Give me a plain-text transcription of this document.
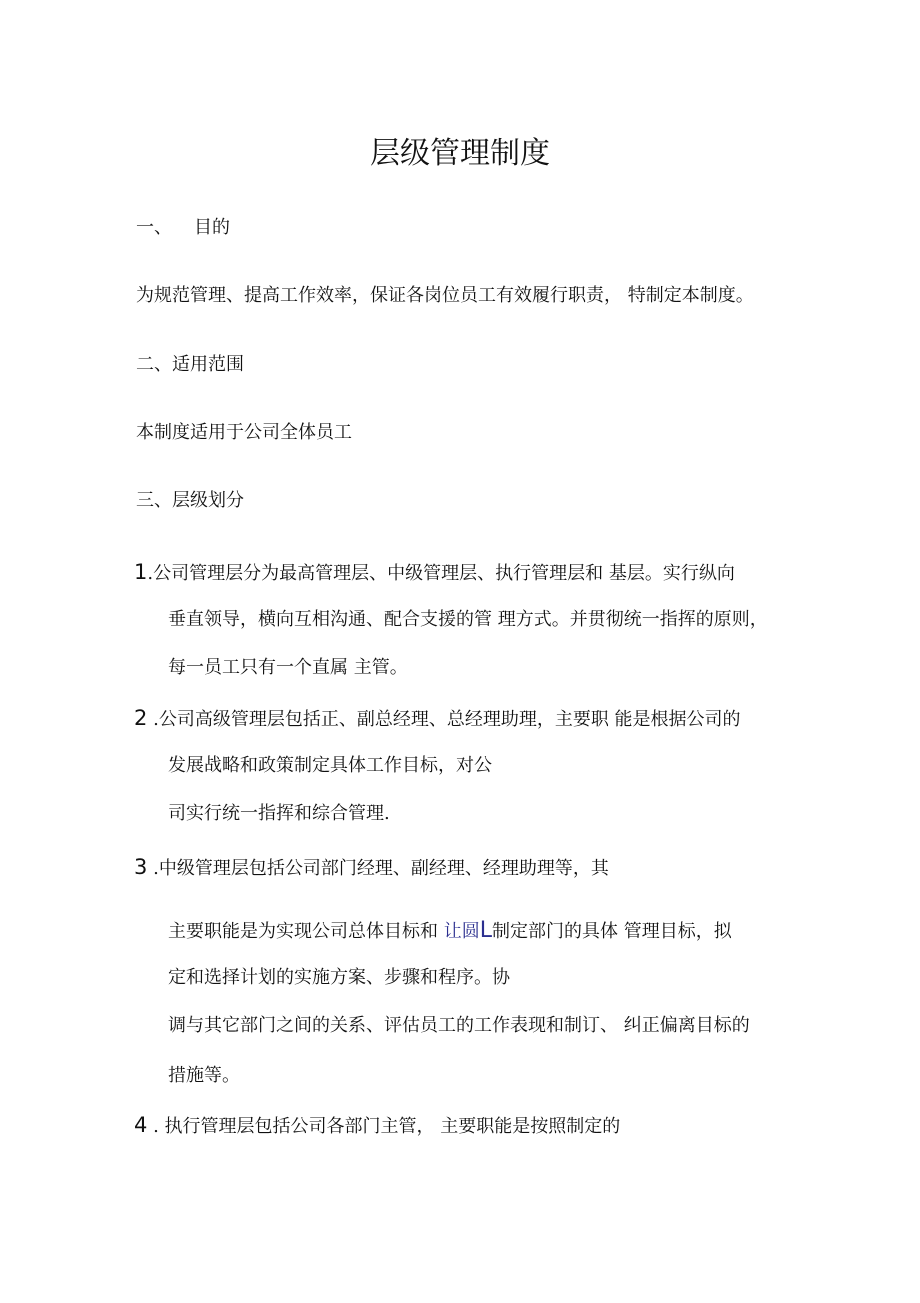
层级管理制度
一、 目的
为规范管理、提高工作效率，保证各岗位员工有效履行职责， 特制定本制度。
二、适用范围
本制度适用于公司全体员工
三、层级划分
1.公司管理层分为最高管理层、中级管理层、执行管理层和 基层。实行纵向
垂直领导，横向互相沟通、配合支援的管 理方式。并贯彻统一指挥的原则，
每一员工只有一个直属 主管。
2 .公司高级管理层包括正、副总经理、总经理助理，主要职 能是根据公司的
发展战略和政策制定具体工作目标，对公
司实行统一指挥和综合管理.
3 .中级管理层包括公司部门经理、副经理、经理助理等，其
主要职能是为实现公司总体目标和 让圆L制定部门的具体 管理目标，拟
定和选择计划的实施方案、步骤和程序。协
调与其它部门之间的关系、评估员工的工作表现和制订、 纠正偏离目标的
措施等。
4 . 执行管理层包括公司各部门主管， 主要职能是按照制定的
